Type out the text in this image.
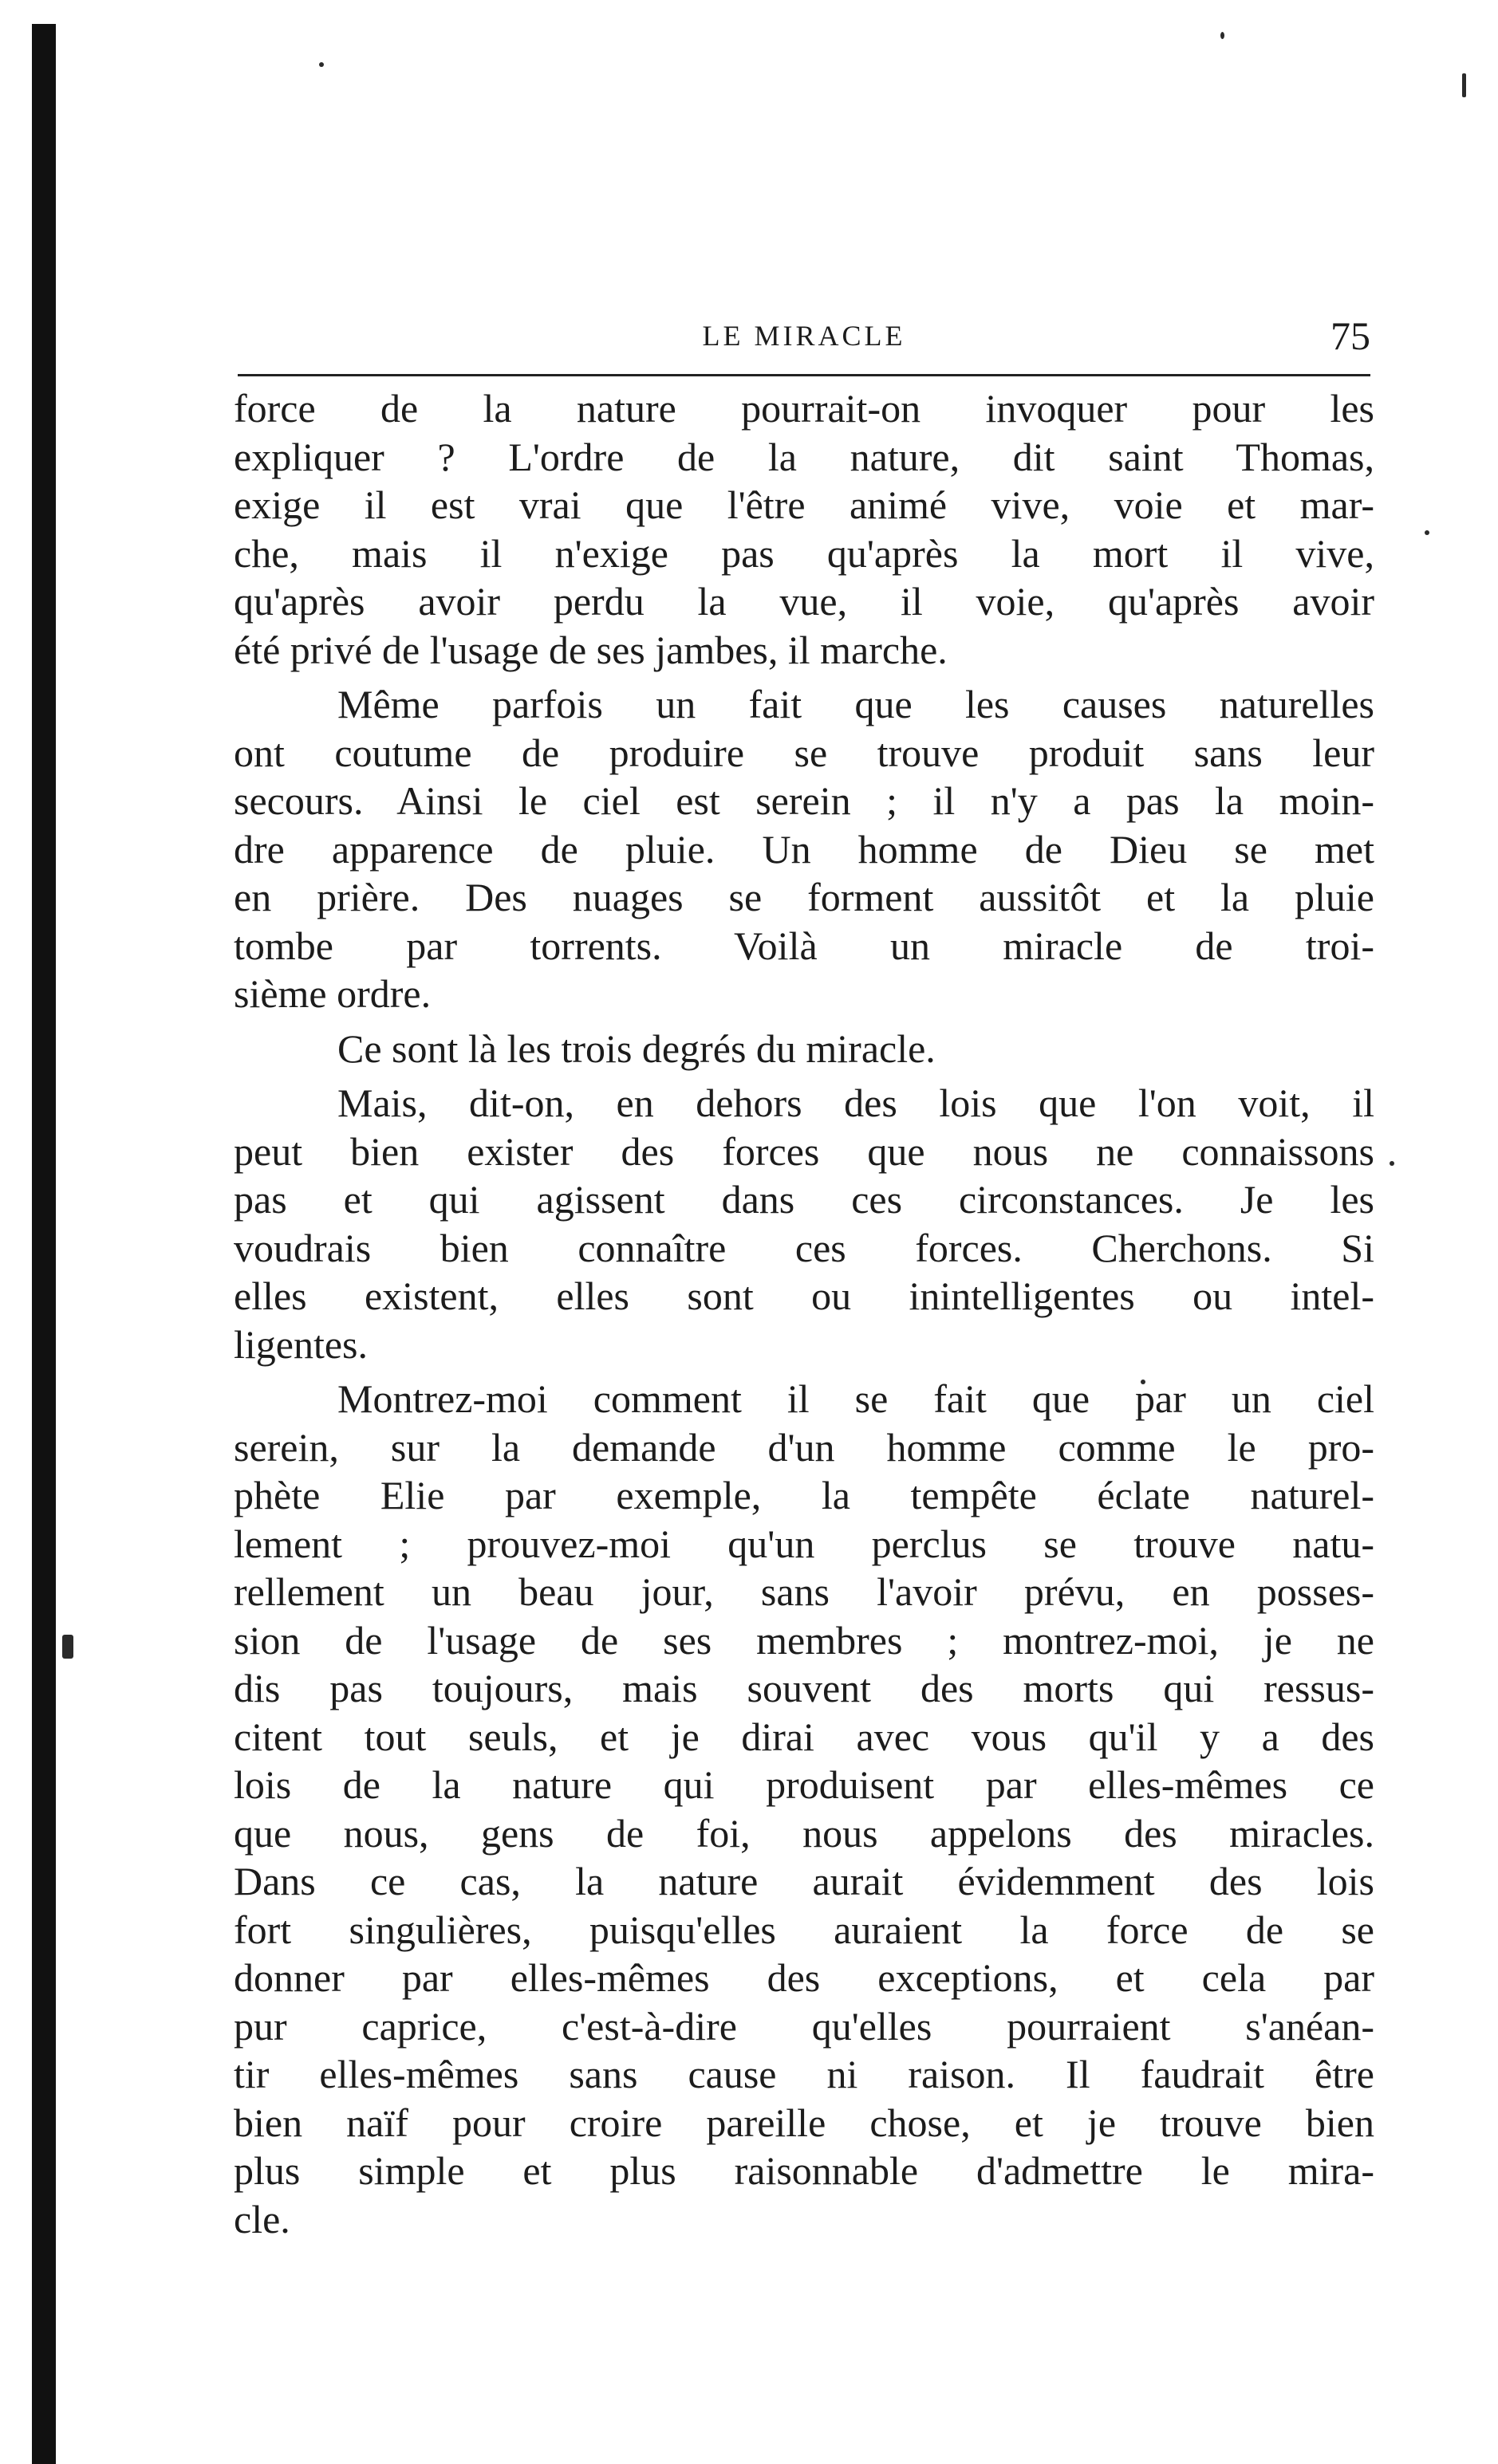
LE MIRACLE	75
force de la nature pourrait-on invoquer pour les
expliquer ? L'ordre de la nature, dit saint Thomas,
exige il est vrai que l'être animé vive, voie et mar-
che, mais il n'exige pas qu'après la mort il vive,
qu'après avoir perdu la vue, il voie, qu'après avoir
été privé de l'usage de ses jambes, il marche.
Même parfois un fait que les causes naturelles
ont coutume de produire se trouve produit sans leur
secours. Ainsi le ciel est serein ; il n'y a pas la moin-
dre apparence de pluie. Un homme de Dieu se met
en prière. Des nuages se forment aussitôt et la pluie
tombe par torrents. Voilà un miracle de troi-
sième ordre.
Ce sont là les trois degrés du miracle.
Mais, dit-on, en dehors des lois que l'on voit, il
peut bien exister des forces que nous ne connaissons
pas et qui agissent dans ces circonstances. Je les
voudrais bien connaître ces forces. Cherchons. Si
elles existent, elles sont ou inintelligentes ou intel-
ligentes.
Montrez-moi comment il se fait que par un ciel
serein, sur la demande d'un homme comme le pro-
phète Elie par exemple, la tempête éclate naturel-
lement ; prouvez-moi qu'un perclus se trouve natu-
rellement un beau jour, sans l'avoir prévu, en posses-
sion de l'usage de ses membres ; montrez-moi, je ne
dis pas toujours, mais souvent des morts qui ressus-
citent tout seuls, et je dirai avec vous qu'il y a des
lois de la nature qui produisent par elles-mêmes ce
que nous, gens de foi, nous appelons des miracles.
Dans ce cas, la nature aurait évidemment des lois
fort singulières, puisqu'elles auraient la force de se
donner par elles-mêmes des exceptions, et cela par
pur caprice, c'est-à-dire qu'elles pourraient s'anéan-
tir elles-mêmes sans cause ni raison. Il faudrait être
bien naïf pour croire pareille chose, et je trouve bien
plus simple et plus raisonnable d'admettre le mira-
cle.
